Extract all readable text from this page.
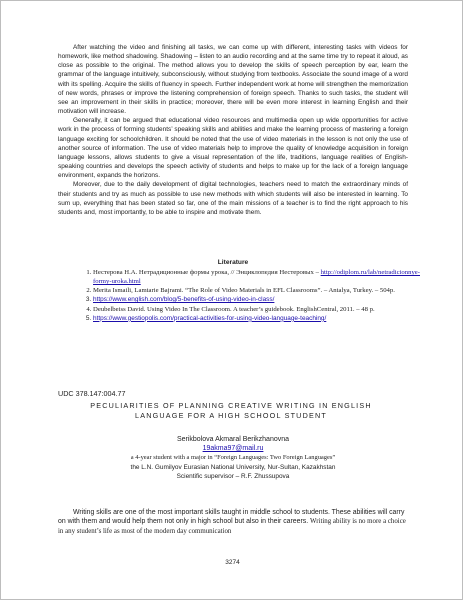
After watching the video and finishing all tasks, we can come up with different, interesting tasks with videos for homework, like method shadowing. Shadowing – listen to an audio recording and at the same time try to repeat it aloud, as close as possible to the original. The method allows you to develop the skills of speech perception by ear, learn the grammar of the language intuitively, subconsciously, without studying from textbooks. Associate the sound image of a word with its spelling. Acquire the skills of fluency in speech. Further independent work at home will strengthen the memorization of new words, phrases or improve the listening comprehension of foreign speech. Thanks to such tasks, the student will see an improvement in their skills in practice; moreover, there will be even more interest in learning English and their motivation will increase.

Generally, it can be argued that educational video resources and multimedia open up wide opportunities for active work in the process of forming students’ speaking skills and abilities and make the learning process of mastering a foreign language exciting for schoolchildren. It should be noted that the use of video materials in the lesson is not only the use of another source of information. The use of video materials help to improve the quality of knowledge acquisition in foreign language lessons, allows students to give a visual representation of the life, traditions, language realities of English-speaking countries and develops the speech activity of students and helps to make up for the lack of a foreign language environment, expands the horizons.

Moreover, due to the daily development of digital technologies, teachers need to match the extraordinary minds of their students and try as much as possible to use new methods with which students will also be interested in learning. To sum up, everything that has been stated so far, one of the main missions of a teacher is to find the right approach to his students and, most importantly, to be able to inspire and motivate them.

Literature
1. Нестерова Н.А. Нетрадиционные формы урока, // Энциклопедия Нестеровых – http://odiplom.ru/lab/netradicionnye-formy-uroka.html
2. Merita Ismaili, Lamtarie Bajrami. “The Role of Video Materials in EFL Classrooms”. – Antalya, Turkey. – 504p.
3. https://www.english.com/blog/5-benefits-of-using-video-in-class/
4. Deubelbeiss David. Using Video In The Classroom. A teacher’s guidebook. EnglishCentral, 2011. – 48 p.
5. https://www.gestiopolis.com/practical-activities-for-using-video-language-teaching/
UDC 378.147:004.77
PECULIARITIES OF PLANNING CREATIVE WRITING IN ENGLISH
LANGUAGE FOR A HIGH SCHOOL STUDENT
Serikbolova Akmaral Berikzhanovna
19akma97@mail.ru
a 4-year student with a major in “Foreign Languages: Two Foreign Languages”
the L.N. Gumilyov Eurasian National University, Nur-Sultan, Kazakhstan
Scientific supervisor – R.F. Zhussupova
Writing skills are one of the most important skills taught in middle school to students. These abilities will carry on with them and would help them not only in high school but also in their careers. Writing ability is no more a choice in any student’s life as most of the modern day communication
3274
